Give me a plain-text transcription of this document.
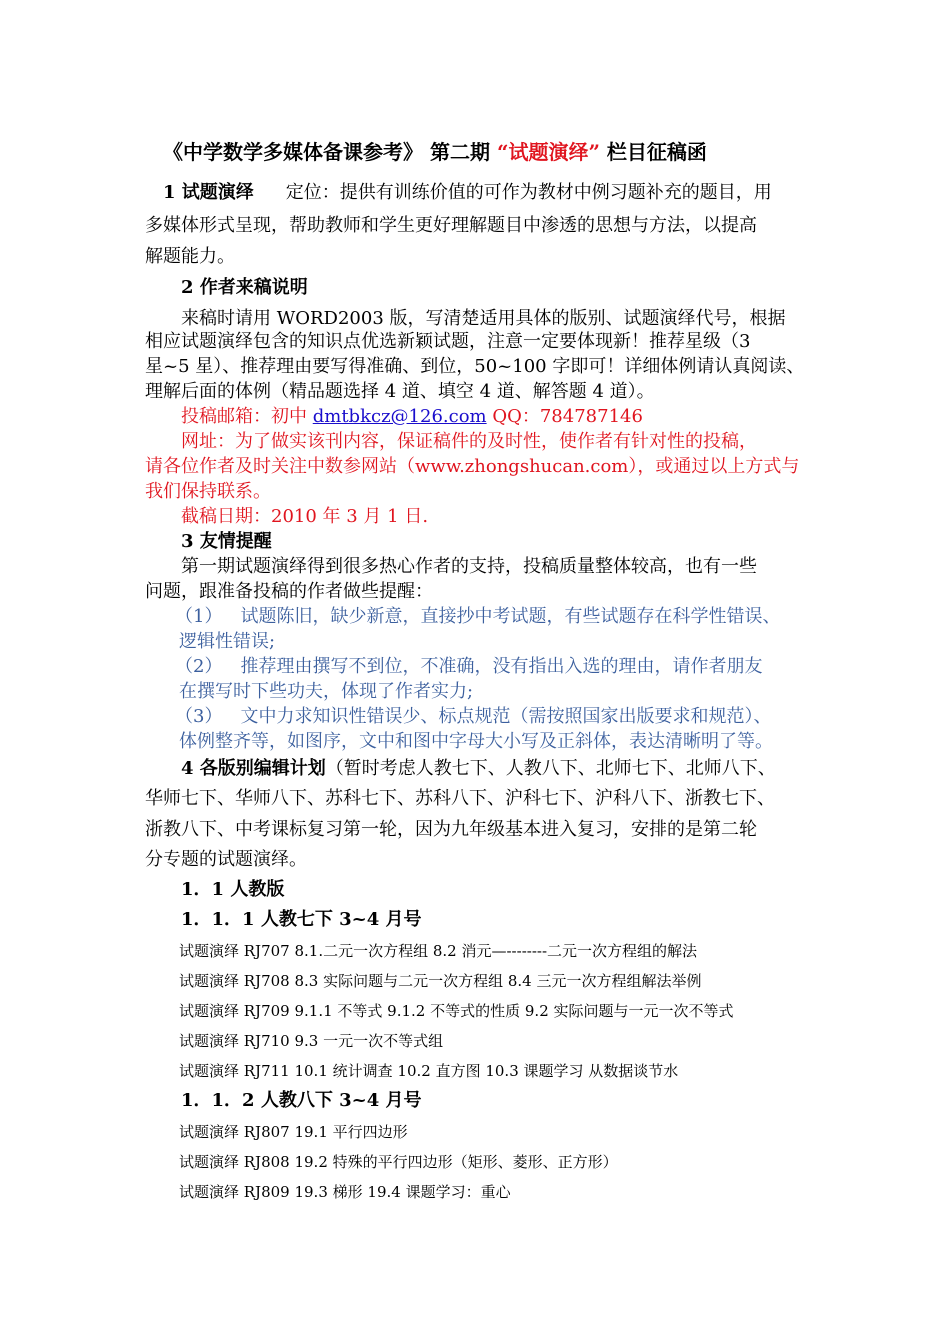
《中学数学多媒体备课参考》 第二期 “试题演绎” 栏目征稿函
1 试题演绎 定位：提供有训练价值的可作为教材中例习题补充的题目，用
多媒体形式呈现，帮助教师和学生更好理解题目中渗透的思想与方法，以提高
解题能力。
2 作者来稿说明
来稿时请用 WORD2003 版，写清楚适用具体的版别、试题演绎代号，根据
相应试题演绎包含的知识点优选新颖试题，注意一定要体现新！推荐星级（3
星~5 星）、推荐理由要写得准确、到位，50~100 字即可！详细体例请认真阅读、
理解后面的体例（精品题选择 4 道、填空 4 道、解答题 4 道）。
投稿邮箱：初中 dmtbkcz@126.com QQ：784787146
网址：为了做实该刊内容，保证稿件的及时性，使作者有针对性的投稿，
请各位作者及时关注中数参网站（www.zhongshucan.com），或通过以上方式与
我们保持联系。
截稿日期：2010 年 3 月 1 日.
3 友情提醒
第一期试题演绎得到很多热心作者的支持，投稿质量整体较高，也有一些
问题，跟准备投稿的作者做些提醒：
（1） 试题陈旧，缺少新意，直接抄中考试题，有些试题存在科学性错误、
逻辑性错误;
（2） 推荐理由撰写不到位，不准确，没有指出入选的理由，请作者朋友
在撰写时下些功夫，体现了作者实力;
（3） 文中力求知识性错误少、标点规范（需按照国家出版要求和规范）、
体例整齐等，如图序，文中和图中字母大小写及正斜体，表达清晰明了等。
4 各版别编辑计划（暂时考虑人教七下、人教八下、北师七下、北师八下、
华师七下、华师八下、苏科七下、苏科八下、沪科七下、沪科八下、浙教七下、
浙教八下、中考课标复习第一轮，因为九年级基本进入复习，安排的是第二轮
分专题的试题演绎。
1．1 人教版
1．1．1 人教七下 3~4 月号
试题演绎 RJ707 8.1.二元一次方程组 8.2 消元—--------二元一次方程组的解法
试题演绎 RJ708 8.3 实际问题与二元一次方程组 8.4 三元一次方程组解法举例
试题演绎 RJ709 9.1.1 不等式 9.1.2 不等式的性质 9.2 实际问题与一元一次不等式
试题演绎 RJ710 9.3 一元一次不等式组
试题演绎 RJ711 10.1 统计调查 10.2 直方图 10.3 课题学习 从数据谈节水
1．1．2 人教八下 3~4 月号
试题演绎 RJ807 19.1 平行四边形
试题演绎 RJ808 19.2 特殊的平行四边形（矩形、菱形、正方形）
试题演绎 RJ809 19.3 梯形 19.4 课题学习：重心
